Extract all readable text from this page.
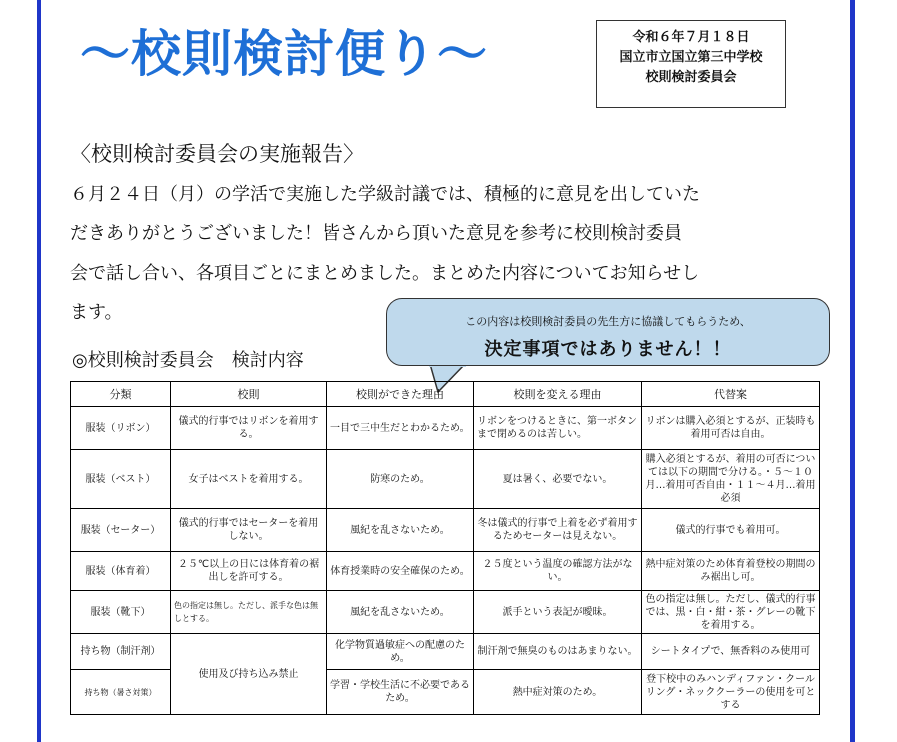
～校則検討便り～	令和６年７月１８日
国立市立国立第三中学校
校則検討委員会
〈校則検討委員会の実施報告〉
６月２４日（月）の学活で実施した学級討議では、積極的に意見を出していた
だきありがとうございました！皆さんから頂いた意見を参考に校則検討委員
会で話し合い、各項目ごとにまとめました。まとめた内容についてお知らせし
ます。
◎校則検討委員会　検討内容
この内容は校則検討委員の先生方に協議してもらうため、
決定事項ではありません！！
分類	校則	校則ができた理由	校則を変える理由	代替案
服装（リボン）	儀式的行事ではリボンを着用する。	一目で三中生だとわかるため。	リボンをつけるときに、第一ボタンまで閉めるのは苦しい。	リボンは購入必須とするが、正装時も着用可否は自由。
服装（ベスト）	女子はベストを着用する。	防寒のため。	夏は暑く、必要でない。	購入必須とするが、着用の可否については以下の期間で分ける。・５～１０月…着用可否自由・１１～４月…着用必須
服装（セーター）	儀式的行事ではセーターを着用しない。	風紀を乱さないため。	冬は儀式的行事で上着を必ず着用するためセーターは見えない。	儀式的行事でも着用可。
服装（体育着）	２５℃以上の日には体育着の裾出しを許可する。	体育授業時の安全確保のため。	２５度という温度の確認方法がない。	熱中症対策のため体育着登校の期間のみ裾出し可。
服装（靴下）	色の指定は無し。ただし、派手な色は無しとする。	風紀を乱さないため。	派手という表記が曖昧。	色の指定は無し。ただし、儀式的行事では、黒・白・紺・茶・グレーの靴下を着用する。
持ち物（制汗剤）	使用及び持ち込み禁止	化学物質過敏症への配慮のため。	制汗剤で無臭のものはあまりない。	シートタイプで、無香料のみ使用可
持ち物（暑さ対策）		学習・学校生活に不必要であるため。	熱中症対策のため。	登下校中のみハンディファン・クールリング・ネッククーラーの使用を可とする
